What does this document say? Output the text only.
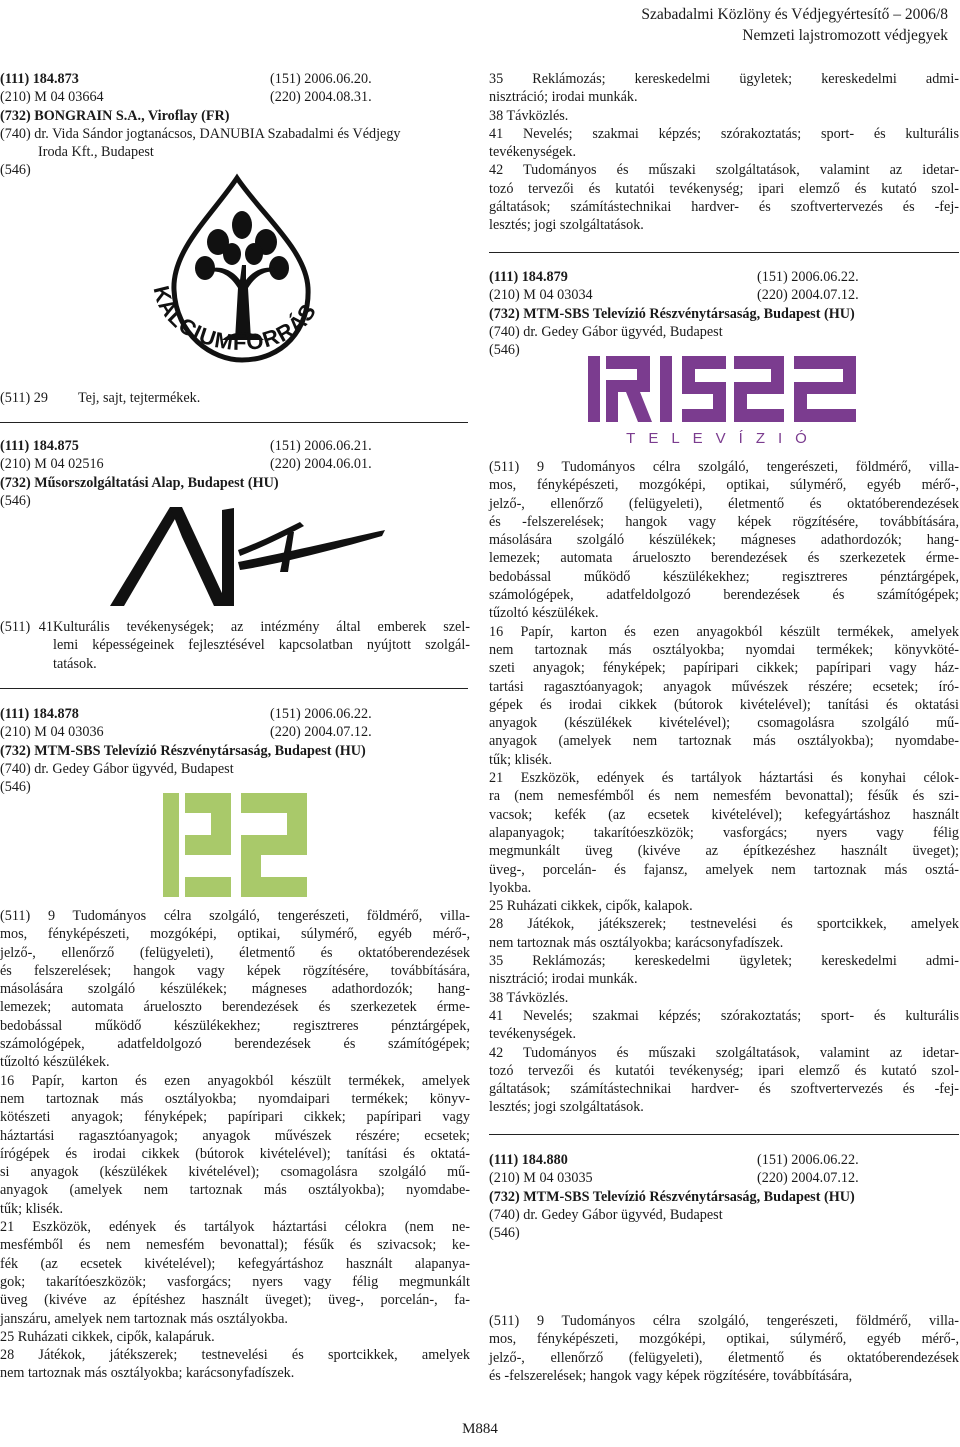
Szabadalmi Közlöny és Védjegyértesítő – 2006/8
Nemzeti lajstromozott védjegyek
(111) 184.873	(151) 2006.06.20.
(210) M 04 03664	(220) 2004.08.31.
(732) BONGRAIN S.A., Viroflay (FR)
(740) dr. Vida Sándor jogtanácsos, DANUBIA Szabadalmi és Védjegy
Iroda Kft., Budapest
(546)
KALCIUMFORRÁS
(511) 29 Tej, sajt, tejtermékek.
(111) 184.875	(151) 2006.06.21.
(210) M 04 02516	(220) 2004.06.01.
(732) Műsorszolgáltatási Alap, Budapest (HU)
(546)
(511) 41Kulturális tevékenységek; az intézmény által emberek szel-
lemi képességeinek fejlesztésével kapcsolatban nyújtott szolgál-
tatások.
(111) 184.878	(151) 2006.06.22.
(210) M 04 03036	(220) 2004.07.12.
(732) MTM-SBS Televízió Részvénytársaság, Budapest (HU)
(740) dr. Gedey Gábor ügyvéd, Budapest
(546)
(511) 9 Tudományos célra szolgáló, tengerészeti, földmérő, villa-
mos, fényképészeti, mozgóképi, optikai, súlymérő, egyéb mérő-,
jelző-, ellenőrző (felügyeleti), életmentő és oktatóberendezések
és felszerelések; hangok vagy képek rögzítésére, továbbítására,
másolására szolgáló készülékek; mágneses adathordozók; hang-
lemezek; automata árueloszto berendezések és szerkezetek érme-
bedobással működő készülékekhez; regisztreres pénztárgépek,
számológépek, adatfeldolgozó berendezések és számítógépek;
tűzoltó készülékek.
16 Papír, karton és ezen anyagokból készült termékek, amelyek
nem tartoznak más osztályokba; nyomdaipari termékek; könyv-
kötészeti anyagok; fényképek; papíripari cikkek; papíripari vagy
háztartási ragasztóanyagok; anyagok művészek részére; ecsetek;
írógépek és irodai cikkek (bútorok kivételével); tanítási és oktatá-
si anyagok (készülékek kivételével); csomagolásra szolgáló mű-
anyagok (amelyek nem tartoznak más osztályokba); nyomdabe-
tűk; klisék.
21 Eszközök, edények és tartályok háztartási célokra (nem ne-
mesfémből és nem nemesfém bevonattal); fésűk és szivacsok; ke-
fék (az ecsetek kivételével); kefegyártáshoz használt alapanya-
gok; takarítóeszközök; vasforgács; nyers vagy félig megmunkált
üveg (kivéve az építéshez használt üveget); üveg-, porcelán-, fa-
janszáru, amelyek nem tartoznak más osztályokba.
25 Ruházati cikkek, cipők, kalapáruk.
28 Játékok, játékszerek; testnevelési és sportcikkek, amelyek
nem tartoznak más osztályokba; karácsonyfadíszek.
35 Reklámozás; kereskedelmi ügyletek; kereskedelmi admi-
nisztráció; irodai munkák.
38 Távközlés.
41 Nevelés; szakmai képzés; szórakoztatás; sport- és kulturális
tevékenységek.
42 Tudományos és műszaki szolgáltatások, valamint az idetar-
tozó tervezői és kutatói tevékenység; ipari elemző és kutató szol-
gáltatások; számítástechnikai hardver- és szoftvertervezés és -fej-
lesztés; jogi szolgáltatások.
(111) 184.879	(151) 2006.06.22.
(210) M 04 03034	(220) 2004.07.12.
(732) MTM-SBS Televízió Részvénytársaság, Budapest (HU)
(740) dr. Gedey Gábor ügyvéd, Budapest
(546)
TELEVÍZIÓ
(511) 9 Tudományos célra szolgáló, tengerészeti, földmérő, villa-
mos, fényképészeti, mozgóképi, optikai, súlymérő, egyéb mérő-,
jelző-, ellenőrző (felügyeleti), életmentő és oktatóberendezések
és -felszerelések; hangok vagy képek rögzítésére, továbbítására,
másolására szolgáló készülékek; mágneses adathordozók; hang-
lemezek; automata árueloszto berendezések és szerkezetek érme-
bedobással működő készülékekhez; regisztreres pénztárgépek,
számológépek, adatfeldolgozó berendezések és számítógépek;
tűzoltó készülékek.
16 Papír, karton és ezen anyagokból készült termékek, amelyek
nem tartoznak más osztályokba; nyomdai termékek; könyvköté-
szeti anyagok; fényképek; papíripari cikkek; papíripari vagy ház-
tartási ragasztóanyagok; anyagok művészek részére; ecsetek; író-
gépek és irodai cikkek (bútorok kivételével); tanítási és oktatási
anyagok (készülékek kivételével); csomagolásra szolgáló mű-
anyagok (amelyek nem tartoznak más osztályokba); nyomdabe-
tűk; klisék.
21 Eszközök, edények és tartályok háztartási és konyhai célok-
ra (nem nemesfémből és nem nemesfém bevonattal); fésűk és szi-
vacsok; kefék (az ecsetek kivételével); kefegyártáshoz használt
alapanyagok; takarítóeszközök; vasforgács; nyers vagy félig
megmunkált üveg (kivéve az építkezéshez használt üveget);
üveg-, porcelán- és fajansz, amelyek nem tartoznak más osztá-
lyokba.
25 Ruházati cikkek, cipők, kalapok.
28 Játékok, játékszerek; testnevelési és sportcikkek, amelyek
nem tartoznak más osztályokba; karácsonyfadíszek.
35 Reklámozás; kereskedelmi ügyletek; kereskedelmi admi-
nisztráció; irodai munkák.
38 Távközlés.
41 Nevelés; szakmai képzés; szórakoztatás; sport- és kulturális
tevékenységek.
42 Tudományos és műszaki szolgáltatások, valamint az idetar-
tozó tervezői és kutatói tevékenység; ipari elemző és kutató szol-
gáltatások; számítástechnikai hardver- és szoftvertervezés és -fej-
lesztés; jogi szolgáltatások.
(111) 184.880	(151) 2006.06.22.
(210) M 04 03035	(220) 2004.07.12.
(732) MTM-SBS Televízió Részvénytársaság, Budapest (HU)
(740) dr. Gedey Gábor ügyvéd, Budapest
(546)
(511) 9 Tudományos célra szolgáló, tengerészeti, földmérő, villa-
mos, fényképészeti, mozgóképi, optikai, súlymérő, egyéb mérő-,
jelző-, ellenőrző (felügyeleti), életmentő és oktatóberendezések
és -felszerelések; hangok vagy képek rögzítésére, továbbítására,
M884
